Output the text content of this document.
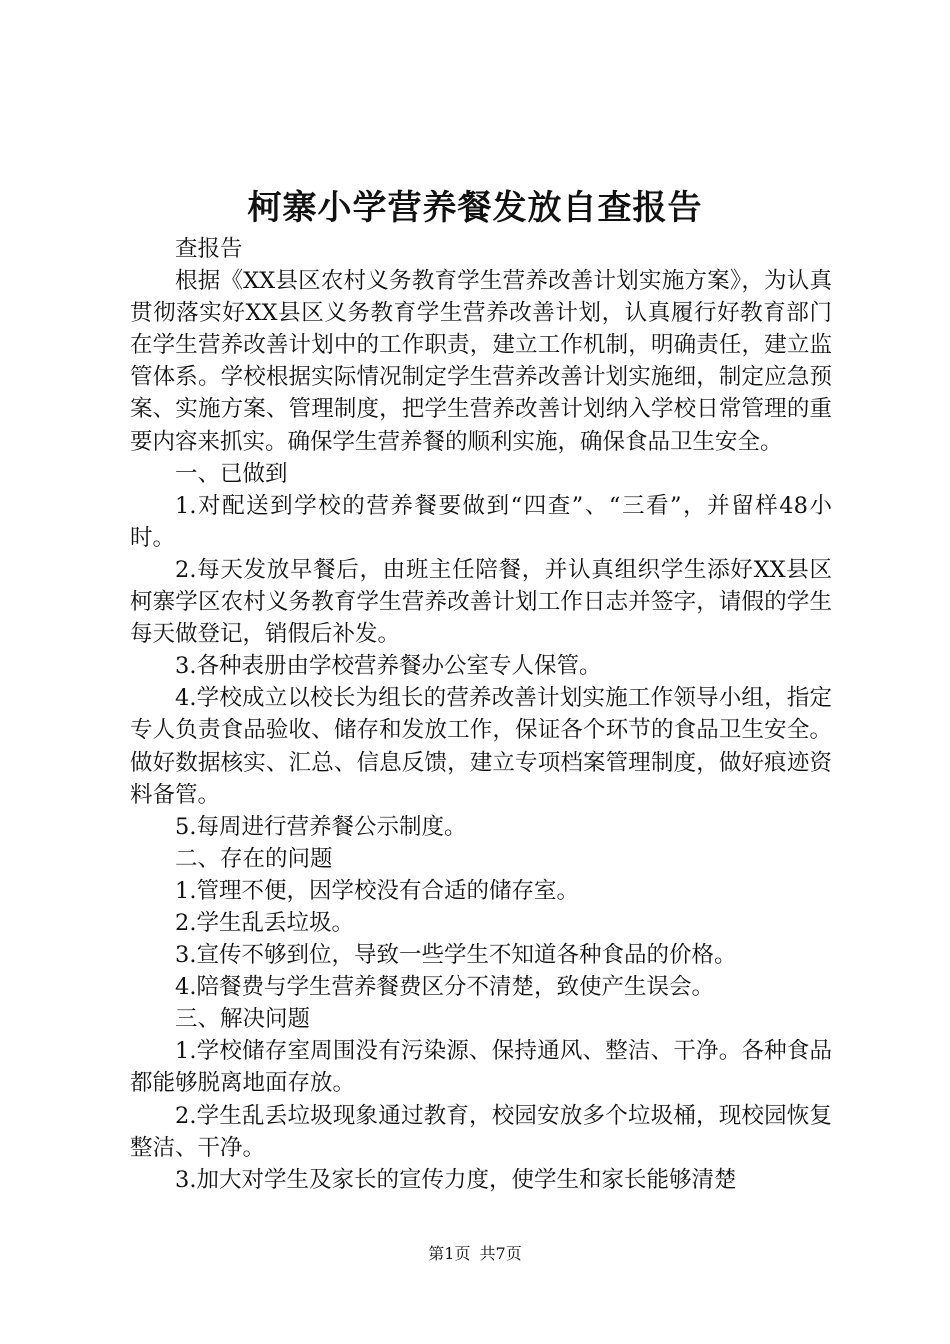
柯寨小学营养餐发放自查报告

查报告

根据《XX县区农村义务教育学生营养改善计划实施方案》，为认真贯彻落实好XX县区义务教育学生营养改善计划，认真履行好教育部门在学生营养改善计划中的工作职责，建立工作机制，明确责任，建立监管体系。学校根据实际情况制定学生营养改善计划实施细，制定应急预案、实施方案、管理制度，把学生营养改善计划纳入学校日常管理的重要内容来抓实。确保学生营养餐的顺利实施，确保食品卫生安全。

一、已做到

1.对配送到学校的营养餐要做到“四查”、“三看”，并留样48小时。

2.每天发放早餐后，由班主任陪餐，并认真组织学生添好XX县区柯寨学区农村义务教育学生营养改善计划工作日志并签字，请假的学生每天做登记，销假后补发。

3.各种表册由学校营养餐办公室专人保管。

4.学校成立以校长为组长的营养改善计划实施工作领导小组，指定专人负责食品验收、储存和发放工作，保证各个环节的食品卫生安全。做好数据核实、汇总、信息反馈，建立专项档案管理制度，做好痕迹资料备管。

5.每周进行营养餐公示制度。

二、存在的问题

1.管理不便，因学校没有合适的储存室。

2.学生乱丢垃圾。

3.宣传不够到位，导致一些学生不知道各种食品的价格。

4.陪餐费与学生营养餐费区分不清楚，致使产生误会。

三、解决问题

1.学校储存室周围没有污染源、保持通风、整洁、干净。各种食品都能够脱离地面存放。

2.学生乱丢垃圾现象通过教育，校园安放多个垃圾桶，现校园恢复整洁、干净。

3.加大对学生及家长的宣传力度，使学生和家长能够清楚

第1页 共7页
